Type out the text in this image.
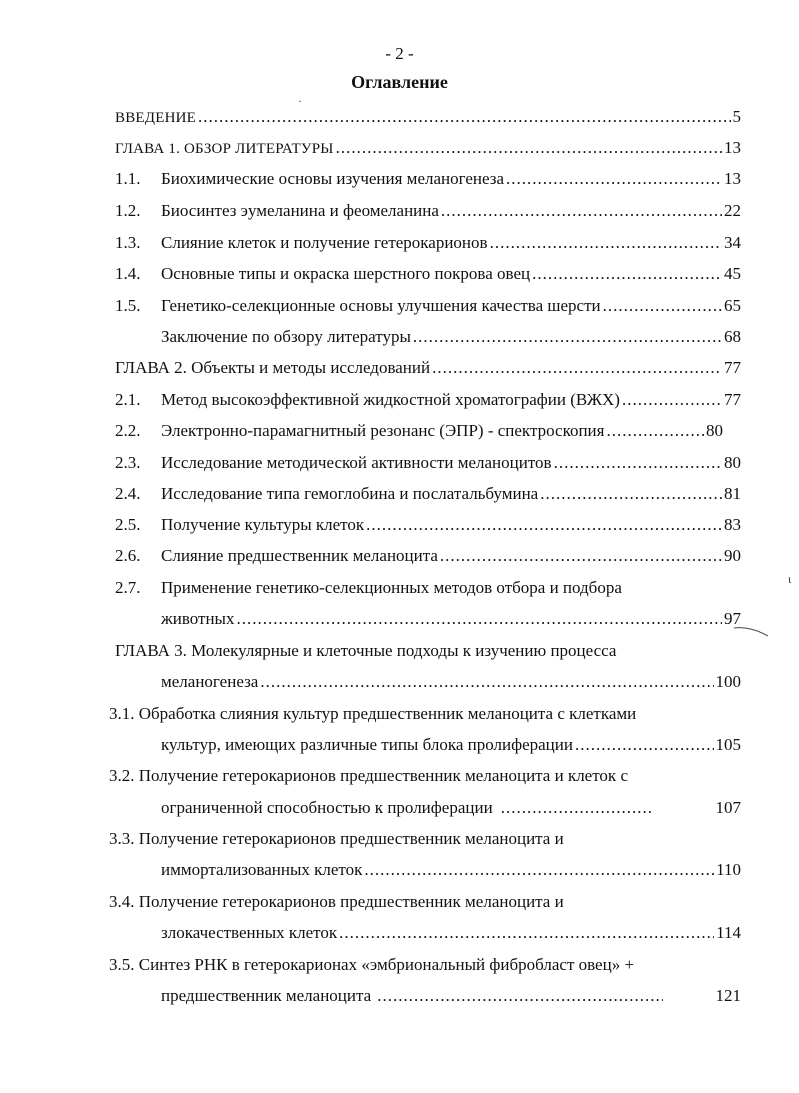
- 2 -
Оглавление
ВВЕДЕНИЕ .....	5
ГЛАВА 1. ОБЗОР ЛИТЕРАТУРЫ .....	13
1.1.	Биохимические основы изучения меланогенеза .....	13
1.2.	Биосинтез эумеланина и феомеланина .....	22
1.3.	Слияние клеток и получение гетерокарионов .....	34
1.4.	Основные типы и окраска шерстного покрова овец .....	45
1.5.	Генетико-селекционные основы улучшения качества шерсти .....	65
Заключение по обзору литературы .....	68
ГЛАВА 2. Объекты и методы исследований .....	77
2.1.	Метод высокоэффективной жидкостной хроматографии (ВЖХ) .....	77
2.2.	Электронно-парамагнитный резонанс (ЭПР) - спектроскопия .....	80
2.3.	Исследование методической активности меланоцитов .....	80
2.4.	Исследование типа гемоглобина и послатальбумина .....	81
2.5.	Получение культуры клеток .....	83
2.6.	Слияние предшественник меланоцита .....	90
2.7. Применение генетико-селекционных методов отбора и подбора
животных .....	97
ГЛАВА 3. Молекулярные и клеточные подходы к изучению процесса
меланогенеза .....	100
3.1. Обработка слияния культур предшественник меланоцита с клетками
культур, имеющих различные типы блока пролиферации .....	105
3.2. Получение гетерокарионов предшественник меланоцита и клеток с
ограниченной способностью к пролиферации .....	107
3.3. Получение гетерокарионов предшественник меланоцита и
иммортализованных клеток .....	110
3.4. Получение гетерокарионов предшественник меланоцита и
злокачественных клеток .....	114
3.5. Синтез РНК в гетерокарионах «эмбриональный фибробласт овец» +
предшественник меланоцита .....	121
·
ι
